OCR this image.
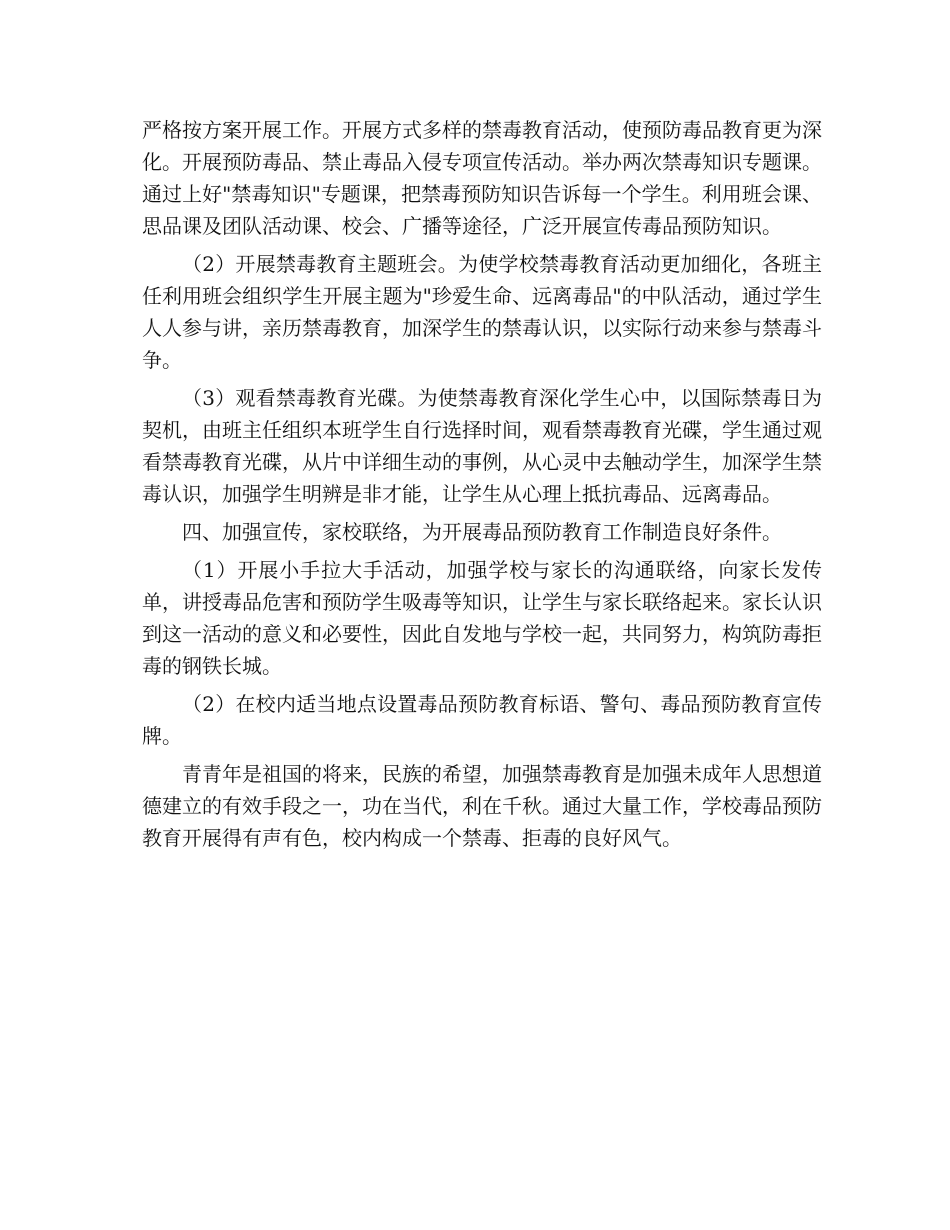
严格按方案开展工作。开展方式多样的禁毒教育活动，使预防毒品教育更为深化。开展预防毒品、禁止毒品入侵专项宣传活动。举办两次禁毒知识专题课。通过上好"禁毒知识"专题课，把禁毒预防知识告诉每一个学生。利用班会课、思品课及团队活动课、校会、广播等途径，广泛开展宣传毒品预防知识。

（2）开展禁毒教育主题班会。为使学校禁毒教育活动更加细化，各班主任利用班会组织学生开展主题为"珍爱生命、远离毒品"的中队活动，通过学生人人参与讲，亲历禁毒教育，加深学生的禁毒认识，以实际行动来参与禁毒斗争。

（3）观看禁毒教育光碟。为使禁毒教育深化学生心中，以国际禁毒日为契机，由班主任组织本班学生自行选择时间，观看禁毒教育光碟，学生通过观看禁毒教育光碟，从片中详细生动的事例，从心灵中去触动学生，加深学生禁毒认识，加强学生明辨是非才能，让学生从心理上抵抗毒品、远离毒品。

四、加强宣传，家校联络，为开展毒品预防教育工作制造良好条件。

（1）开展小手拉大手活动，加强学校与家长的沟通联络，向家长发传单，讲授毒品危害和预防学生吸毒等知识，让学生与家长联络起来。家长认识到这一活动的意义和必要性，因此自发地与学校一起，共同努力，构筑防毒拒毒的钢铁长城。

（2）在校内适当地点设置毒品预防教育标语、警句、毒品预防教育宣传牌。

青青年是祖国的将来，民族的希望，加强禁毒教育是加强未成年人思想道德建立的有效手段之一，功在当代，利在千秋。通过大量工作，学校毒品预防教育开展得有声有色，校内构成一个禁毒、拒毒的良好风气。
